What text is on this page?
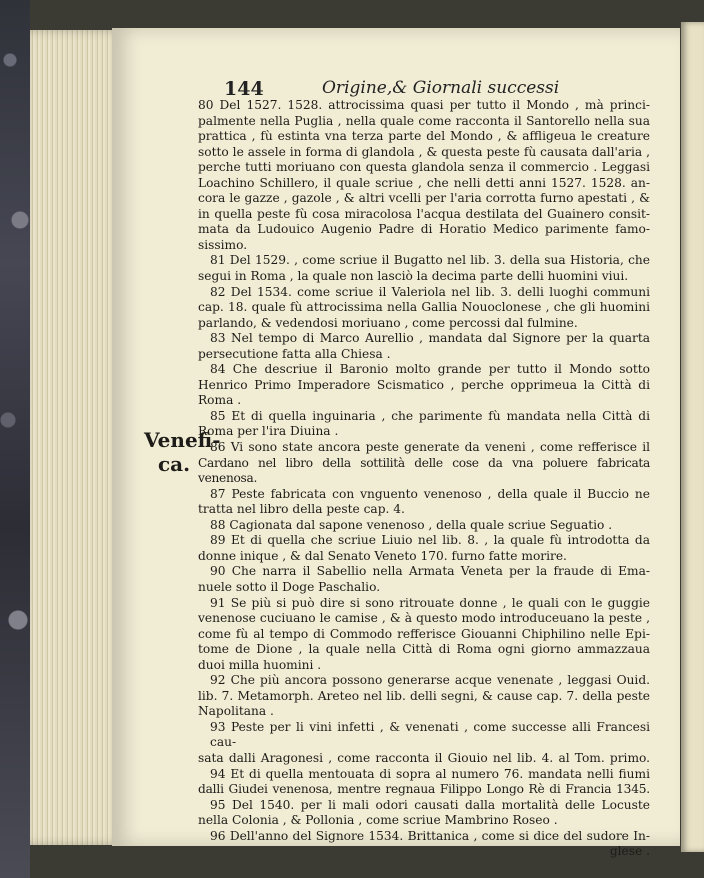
144	Origine,& Giornali successi
Venefi-
ca.
80 Del 1527. 1528. attrocissima quasi per tutto il Mondo , mà princi-
palmente nella Puglia , nella quale come racconta il Santorello nella sua
prattica , fù estinta vna terza parte del Mondo , & affligeua le creature
sotto le assele in forma di glandola , & questa peste fù causata dall'aria ,
perche tutti moriuano con questa glandola senza il commercio . Leggasi
Loachino Schillero, il quale scriue , che nelli detti anni 1527. 1528. an-
cora le gazze , gazole , & altri vcelli per l'aria corrotta furno apestati , &
in quella peste fù cosa miracolosa l'acqua destilata del Guainero consit-
mata da Ludouico Augenio Padre di Horatio Medico parimente famo-
sissimo.
81 Del 1529. , come scriue il Bugatto nel lib. 3. della sua Historia, che
segui in Roma , la quale non lasciò la decima parte delli huomini viui.
82 Del 1534. come scriue il Valeriola nel lib. 3. delli luoghi communi
cap. 18. quale fù attrocissima nella Gallia Nouoclonese , che gli huomini
parlando, & vedendosi moriuano , come percossi dal fulmine.
83 Nel tempo di Marco Aurellio , mandata dal Signore per la quarta
persecutione fatta alla Chiesa .
84 Che descriue il Baronio molto grande per tutto il Mondo sotto
Henrico Primo Imperadore Scismatico , perche opprimeua la Città di
Roma .
85 Et di quella inguinaria , che parimente fù mandata nella Città di
Roma per l'ira Diuina .
86 Vi sono state ancora peste generate da veneni , come refferisce il
Cardano nel libro della sottilità delle cose da vna poluere fabricata venenosa.
87 Peste fabricata con vnguento venenoso , della quale il Buccio ne
tratta nel libro della peste cap. 4.
88 Cagionata dal sapone venenoso , della quale scriue Seguatio .
89 Et di quella che scriue Liuio nel lib. 8. , la quale fù introdotta da
donne inique , & dal Senato Veneto 170. furno fatte morire.
90 Che narra il Sabellio nella Armata Veneta per la fraude di Ema-
nuele sotto il Doge Paschalio.
91 Se più si può dire si sono ritrouate donne , le quali con le guggie
venenose cuciuano le camise , & à questo modo introduceuano la peste ,
come fù al tempo di Commodo refferisce Giouanni Chiphilino nelle Epi-
tome de Dione , la quale nella Città di Roma ogni giorno ammazzaua
duoi milla huomini .
92 Che più ancora possono generarse acque venenate , leggasi Ouid.
lib. 7. Metamorph. Areteo nel lib. delli segni, & cause cap. 7. della peste
Napolitana .
93 Peste per li vini infetti , & venenati , come successe alli Francesi cau-
sata dalli Aragonesi , come racconta il Giouio nel lib. 4. al Tom. primo.
94 Et di quella mentouata di sopra al numero 76. mandata nelli fiumi
dalli Giudei venenosa, mentre regnaua Filippo Longo Rè di Francia 1345.
95 Del 1540. per li mali odori causati dalla mortalità delle Locuste
nella Colonia , & Pollonia , come scriue Mambrino Roseo .
96 Dell'anno del Signore 1534. Brittanica , come si dice del sudore In-
glese .
